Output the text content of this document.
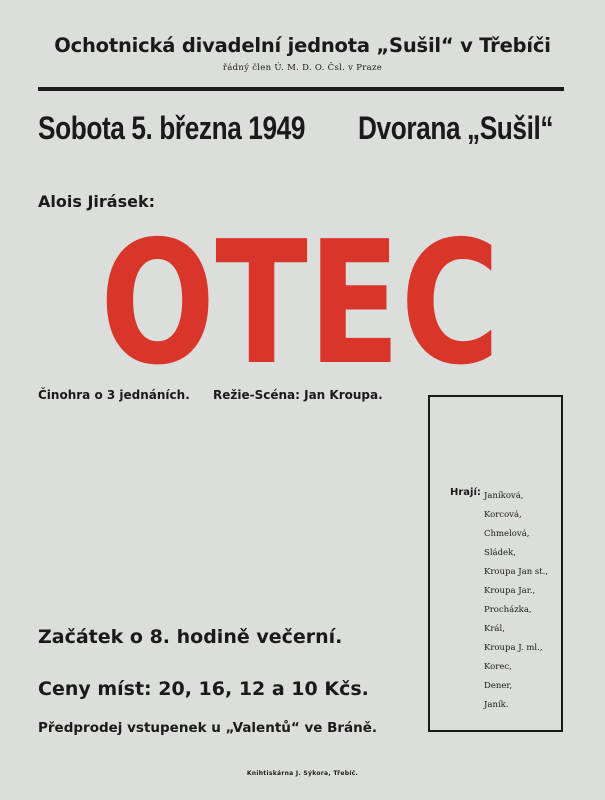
Ochotnická divadelní jednota „Sušil“ v Třebíči
řádný člen Ú. M. D. O. Čsl. v Praze
Sobota 5. března 1949 Dvorana „Sušil“
Alois Jirásek:
OTEC
Činohra o 3 jednáních. Režie-Scéna: Jan Kroupa.
Hrají: Janíková,
Korcová,
Chmelová,
Sládek,
Kroupa Jan st.,
Kroupa Jar.,
Procházka,
Král,
Kroupa J. ml.,
Korec,
Dener,
Janík.
Začátek o 8. hodině večerní.
Ceny míst: 20, 16, 12 a 10 Kčs.
Předprodej vstupenek u „Valentů“ ve Bráně.
Knihtiskárna J. Sýkora, Třebíč.
